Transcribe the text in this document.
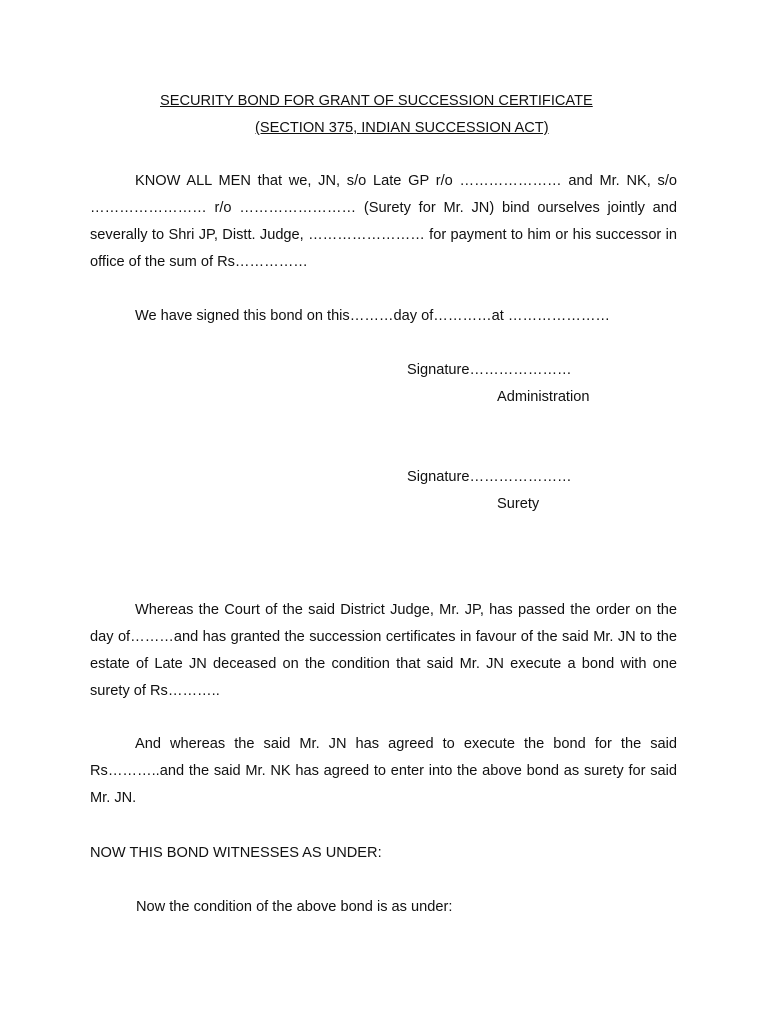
SECURITY BOND FOR GRANT OF SUCCESSION CERTIFICATE
(SECTION 375, INDIAN SUCCESSION ACT)

KNOW ALL MEN that we, JN, s/o Late GP r/o ………………… and Mr. NK, s/o …………………… r/o …………………… (Surety for Mr. JN) bind ourselves jointly and severally to Shri JP, Distt. Judge, …………………… for payment to him or his successor in office of the sum of Rs……………

We have signed this bond on this………day of…………at …………………

Signature…………………
Administration
Signature…………………
Surety

Whereas the Court of the said District Judge, Mr. JP, has passed the order on the day of………and has granted the succession certificates in favour of the said Mr. JN to the estate of Late JN deceased on the condition that said Mr. JN execute a bond with one surety of Rs………..

And whereas the said Mr. JN has agreed to execute the bond for the said Rs………..and the said Mr. NK has agreed to enter into the above bond as surety for said Mr. JN.

NOW THIS BOND WITNESSES AS UNDER:
Now the condition of the above bond is as under:
